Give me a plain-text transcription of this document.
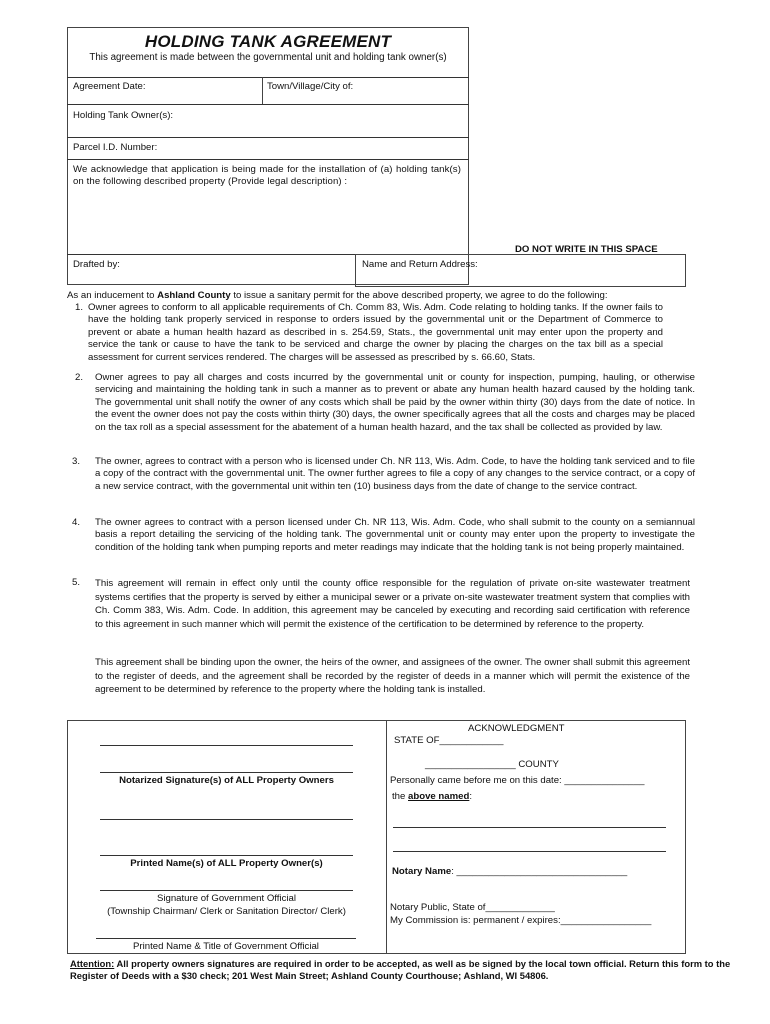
HOLDING TANK AGREEMENT
This agreement is made between the governmental unit and holding tank owner(s)
Agreement Date:	Town/Village/City of:
Holding Tank Owner(s):
Parcel I.D. Number:
We acknowledge that application is being made for the installation of (a) holding tank(s) on the following described property (Provide legal description) :
DO NOT WRITE IN THIS SPACE
Drafted by:	Name and Return Address:
As an inducement to Ashland County to issue a sanitary permit for the above described property, we agree to do the following:
1. Owner agrees to conform to all applicable requirements of Ch. Comm 83, Wis. Adm. Code relating to holding tanks. If the owner fails to have the holding tank properly serviced in response to orders issued by the governmental unit or the Department of Commerce to prevent or abate a human health hazard as described in s. 254.59, Stats., the governmental unit may enter upon the property and service the tank or cause to have the tank to be serviced and charge the owner by placing the charges on the tax bill as a special assessment for current services rendered. The charges will be assessed as prescribed by s. 66.60, Stats.
2. Owner agrees to pay all charges and costs incurred by the governmental unit or county for inspection, pumping, hauling, or otherwise servicing and maintaining the holding tank in such a manner as to prevent or abate any human health hazard caused by the holding tank. The governmental unit shall notify the owner of any costs which shall be paid by the owner within thirty (30) days from the date of notice. In the event the owner does not pay the costs within thirty (30) days, the owner specifically agrees that all the costs and charges may be placed on the tax roll as a special assessment for the abatement of a human health hazard, and the tax shall be collected as provided by law.
3. The owner, agrees to contract with a person who is licensed under Ch. NR 113, Wis. Adm. Code, to have the holding tank serviced and to file a copy of the contract with the governmental unit. The owner further agrees to file a copy of any changes to the service contract, or a copy of a new service contract, with the governmental unit within ten (10) business days from the date of change to the service contract.
4. The owner agrees to contract with a person licensed under Ch. NR 113, Wis. Adm. Code, who shall submit to the county on a semiannual basis a report detailing the servicing of the holding tank. The governmental unit or county may enter upon the property to investigate the condition of the holding tank when pumping reports and meter readings may indicate that the holding tank is not being properly maintained.
5. This agreement will remain in effect only until the county office responsible for the regulation of private on-site wastewater treatment systems certifies that the property is served by either a municipal sewer or a private on-site wastewater treatment system that complies with Ch. Comm 383, Wis. Adm. Code. In addition, this agreement may be canceled by executing and recording said certification with reference to this agreement in such manner which will permit the existence of the certification to be determined by reference to the property.
This agreement shall be binding upon the owner, the heirs of the owner, and assignees of the owner. The owner shall submit this agreement to the register of deeds, and the agreement shall be recorded by the register of deeds in a manner which will permit the existence of the agreement to be determined by reference to the property where the holding tank is installed.
Notarized Signature(s) of ALL Property Owners
Printed Name(s) of ALL Property Owner(s)
Signature of Government Official
(Township Chairman/ Clerk or Sanitation Director/ Clerk)
Printed Name & Title of Government Official
ACKNOWLEDGMENT
STATE OF____________
_________________ COUNTY
Personally came before me on this date: _______________
the above named:
Notary Name: ________________________________
Notary Public, State of_____________
My Commission is: permanent / expires:_________________
Attention: All property owners signatures are required in order to be accepted, as well as be signed by the local town official. Return this form to the Register of Deeds with a $30 check; 201 West Main Street; Ashland County Courthouse; Ashland, WI 54806.
